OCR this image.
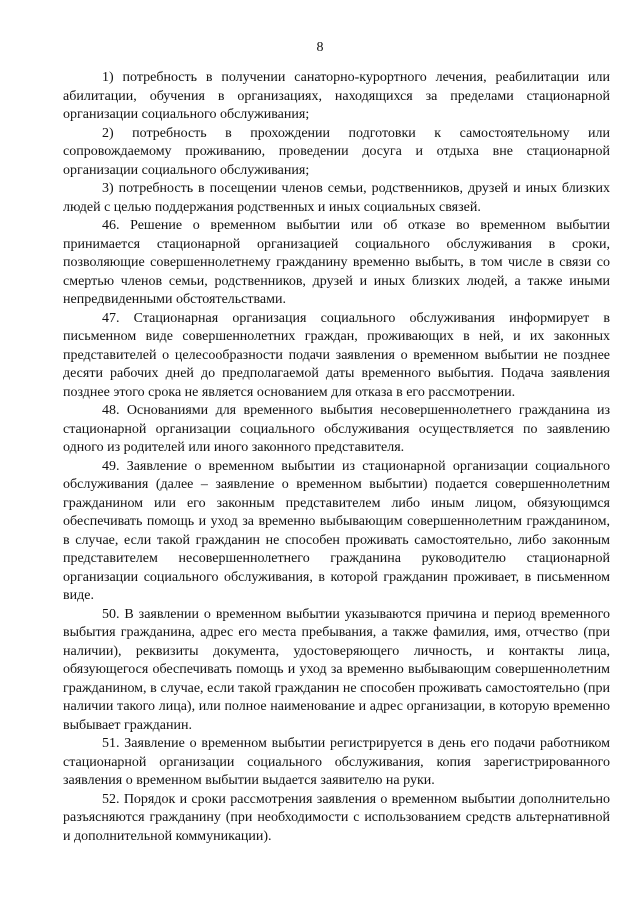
8

1) потребность в получении санаторно-курортного лечения, реабилитации или абилитации, обучения в организациях, находящихся за пределами стационарной организации социального обслуживания;

2) потребность в прохождении подготовки к самостоятельному или сопровождаемому проживанию, проведении досуга и отдыха вне стационарной организации социального обслуживания;

3) потребность в посещении членов семьи, родственников, друзей и иных близких людей с целью поддержания родственных и иных социальных связей.

46. Решение о временном выбытии или об отказе во временном выбытии принимается стационарной организацией социального обслуживания в сроки, позволяющие совершеннолетнему гражданину временно выбыть, в том числе в связи со смертью членов семьи, родственников, друзей и иных близких людей, а также иными непредвиденными обстоятельствами.

47. Стационарная организация социального обслуживания информирует в письменном виде совершеннолетних граждан, проживающих в ней, и их законных представителей о целесообразности подачи заявления о временном выбытии не позднее десяти рабочих дней до предполагаемой даты временного выбытия. Подача заявления позднее этого срока не является основанием для отказа в его рассмотрении.

48. Основаниями для временного выбытия несовершеннолетнего гражданина из стационарной организации социального обслуживания осуществляется по заявлению одного из родителей или иного законного представителя.

49. Заявление о временном выбытии из стационарной организации социального обслуживания (далее – заявление о временном выбытии) подается совершеннолетним гражданином или его законным представителем либо иным лицом, обязующимся обеспечивать помощь и уход за временно выбывающим совершеннолетним гражданином, в случае, если такой гражданин не способен проживать самостоятельно, либо законным представителем несовершеннолетнего гражданина руководителю стационарной организации социального обслуживания, в которой гражданин проживает, в письменном виде.

50. В заявлении о временном выбытии указываются причина и период временного выбытия гражданина, адрес его места пребывания, а также фамилия, имя, отчество (при наличии), реквизиты документа, удостоверяющего личность, и контакты лица, обязующегося обеспечивать помощь и уход за временно выбывающим совершеннолетним гражданином, в случае, если такой гражданин не способен проживать самостоятельно (при наличии такого лица), или полное наименование и адрес организации, в которую временно выбывает гражданин.

51. Заявление о временном выбытии регистрируется в день его подачи работником стационарной организации социального обслуживания, копия зарегистрированного заявления о временном выбытии выдается заявителю на руки.

52. Порядок и сроки рассмотрения заявления о временном выбытии дополнительно разъясняются гражданину (при необходимости с использованием средств альтернативной и дополнительной коммуникации).
